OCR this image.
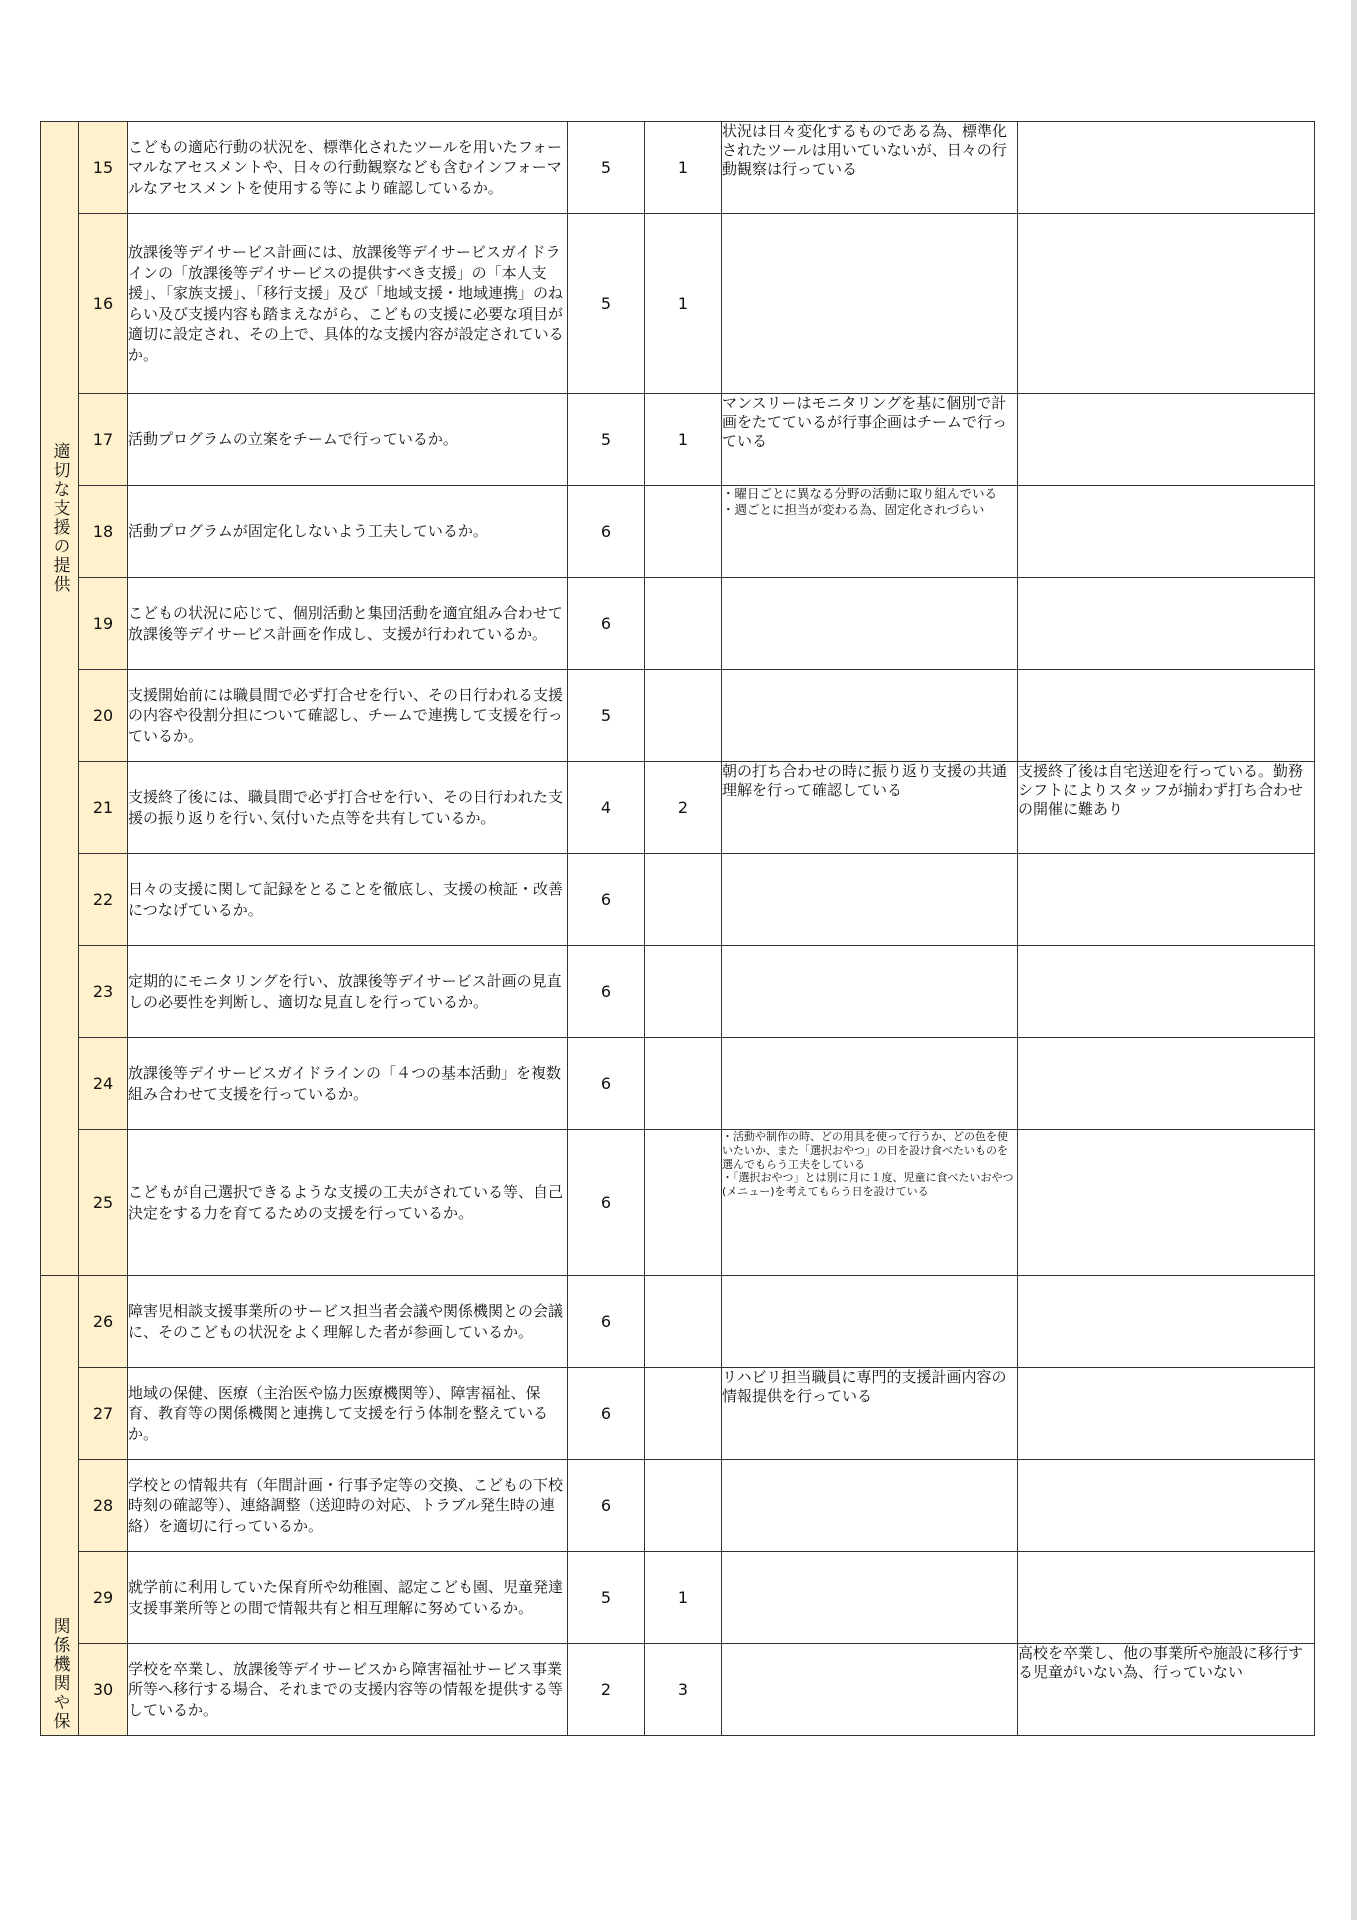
適切な支援の提供	15	こどもの適応行動の状況を、標準化されたツールを用いたフォーマルなアセスメントや、日々の行動観察なども含むインフォーマルなアセスメントを使用する等により確認しているか。	5	1	状況は日々変化するものである為、標準化されたツールは用いていないが、日々の行動観察は行っている	
	16	放課後等デイサービス計画には、放課後等デイサービスガイドラインの「放課後等デイサービスの提供すべき支援」の「本人支援」、「家族支援」、「移行支援」及び「地域支援・地域連携」のねらい及び支援内容も踏まえながら、こどもの支援に必要な項目が適切に設定され、その上で、具体的な支援内容が設定されているか。	5	1		
	17	活動プログラムの立案をチームで行っているか。	5	1	マンスリーはモニタリングを基に個別で計画をたてているが行事企画はチームで行っている	
	18	活動プログラムが固定化しないよう工夫しているか。	6		・曜日ごとに異なる分野の活動に取り組んでいる
・週ごとに担当が変わる為、固定化されづらい	
	19	こどもの状況に応じて、個別活動と集団活動を適宜組み合わせて放課後等デイサービス計画を作成し、支援が行われているか。	6			
	20	支援開始前には職員間で必ず打合せを行い、その日行われる支援の内容や役割分担について確認し、チームで連携して支援を行っているか。	5			
	21	支援終了後には、職員間で必ず打合せを行い、その日行われた支援の振り返りを行い､気付いた点等を共有しているか。	4	2	朝の打ち合わせの時に振り返り支援の共通理解を行って確認している	支援終了後は自宅送迎を行っている。勤務シフトによりスタッフが揃わず打ち合わせの開催に難あり
	22	日々の支援に関して記録をとることを徹底し、支援の検証・改善につなげているか。	6			
	23	定期的にモニタリングを行い、放課後等デイサービス計画の見直しの必要性を判断し、適切な見直しを行っているか。	6			
	24	放課後等デイサービスガイドラインの「４つの基本活動」を複数組み合わせて支援を行っているか。	6			
	25	こどもが自己選択できるような支援の工夫がされている等、自己決定をする力を育てるための支援を行っているか。	6		・活動や制作の時、どの用具を使って行うか、どの色を使いたいか、また「選択おやつ」の日を設け食べたいものを選んでもらう工夫をしている
・「選択おやつ」とは別に月に１度、児童に食べたいおやつ(メニュー)を考えてもらう日を設けている	
関係機関や保	26	障害児相談支援事業所のサービス担当者会議や関係機関との会議に、そのこどもの状況をよく理解した者が参画しているか。	6			
	27	地域の保健、医療（主治医や協力医療機関等）、障害福祉、保育、教育等の関係機関と連携して支援を行う体制を整えているか。	6		リハビリ担当職員に専門的支援計画内容の情報提供を行っている	
	28	学校との情報共有（年間計画・行事予定等の交換、こどもの下校時刻の確認等）、連絡調整（送迎時の対応、トラブル発生時の連絡）を適切に行っているか。	6			
	29	就学前に利用していた保育所や幼稚園、認定こども園、児童発達支援事業所等との間で情報共有と相互理解に努めているか。	5	1		
	30	学校を卒業し、放課後等デイサービスから障害福祉サービス事業所等へ移行する場合、それまでの支援内容等の情報を提供する等しているか。	2	3		高校を卒業し、他の事業所や施設に移行する児童がいない為、行っていない
